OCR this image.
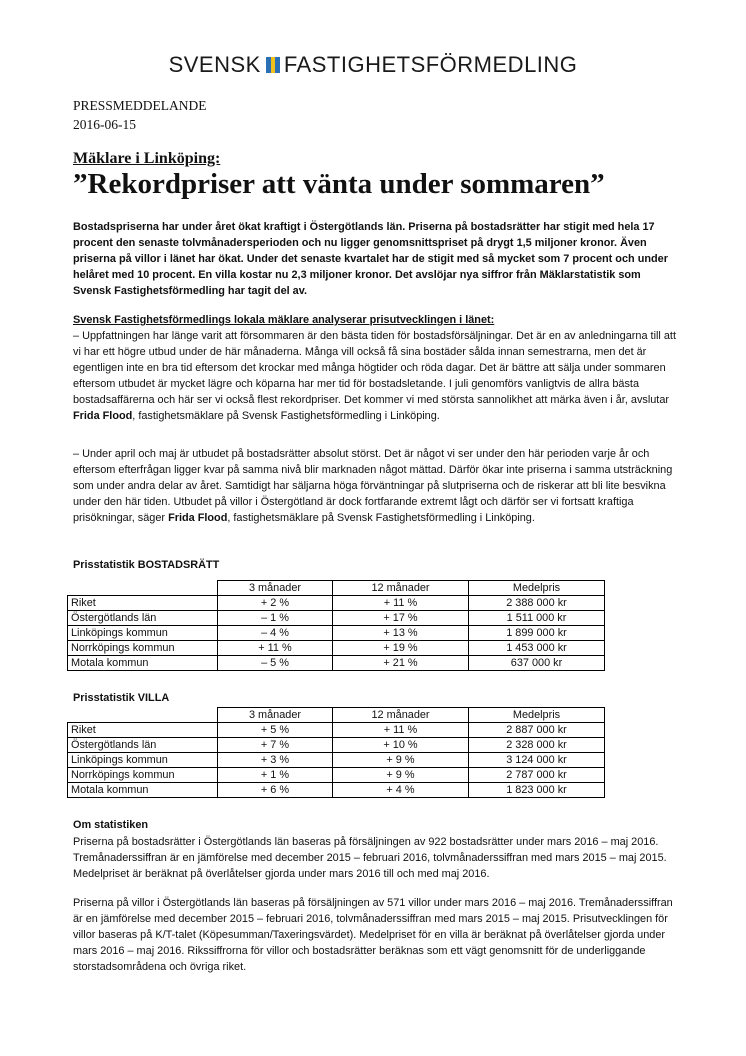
SVENSK FASTIGHETSFÖRMEDLING
PRESSMEDDELANDE
2016-06-15
Mäklare i Linköping:
”Rekordpriser att vänta under sommaren”
Bostadspriserna har under året ökat kraftigt i Östergötlands län. Priserna på bostadsrätter har stigit med hela 17 procent den senaste tolvmånadersperioden och nu ligger genomsnittspriset på drygt 1,5 miljoner kronor. Även priserna på villor i länet har ökat. Under det senaste kvartalet har de stigit med så mycket som 7 procent och under helåret med 10 procent. En villa kostar nu 2,3 miljoner kronor. Det avslöjar nya siffror från Mäklarstatistik som Svensk Fastighetsförmedling har tagit del av.
Svensk Fastighetsförmedlings lokala mäklare analyserar prisutvecklingen i länet:
– Uppfattningen har länge varit att försommaren är den bästa tiden för bostadsförsäljningar. Det är en av anledningarna till att vi har ett högre utbud under de här månaderna. Många vill också få sina bostäder sålda innan semestrarna, men det är egentligen inte en bra tid eftersom det krockar med många högtider och röda dagar. Det är bättre att sälja under sommaren eftersom utbudet är mycket lägre och köparna har mer tid för bostadsletande. I juli genomförs vanligtvis de allra bästa bostadsaffärerna och här ser vi också flest rekordpriser. Det kommer vi med största sannolikhet att märka även i år, avslutar Frida Flood, fastighetsmäklare på Svensk Fastighetsförmedling i Linköping.
– Under april och maj är utbudet på bostadsrätter absolut störst. Det är något vi ser under den här perioden varje år och eftersom efterfrågan ligger kvar på samma nivå blir marknaden något mättad. Därför ökar inte priserna i samma utsträckning som under andra delar av året. Samtidigt har säljarna höga förväntningar på slutpriserna och de riskerar att bli lite besvikna under den här tiden. Utbudet på villor i Östergötland är dock fortfarande extremt lågt och därför ser vi fortsatt kraftiga prisökningar, säger Frida Flood, fastighetsmäklare på Svensk Fastighetsförmedling i Linköping.
Prisstatistik BOSTADSRÄTT
	3 månader	12 månader	Medelpris
Riket	+ 2 %	+ 11 %	2 388 000 kr
Östergötlands län	– 1 %	+ 17 %	1 511 000 kr
Linköpings kommun	– 4 %	+ 13 %	1 899 000 kr
Norrköpings kommun	+ 11 %	+ 19 %	1 453 000 kr
Motala kommun	– 5 %	+ 21 %	637 000 kr
Prisstatistik VILLA
	3 månader	12 månader	Medelpris
Riket	+ 5 %	+ 11 %	2 887 000 kr
Östergötlands län	+ 7 %	+ 10 %	2 328 000 kr
Linköpings kommun	+ 3 %	+ 9 %	3 124 000 kr
Norrköpings kommun	+ 1 %	+ 9 %	2 787 000 kr
Motala kommun	+ 6 %	+ 4 %	1 823 000 kr
Om statistiken
Priserna på bostadsrätter i Östergötlands län baseras på försäljningen av 922 bostadsrätter under mars 2016 – maj 2016. Tremånaderssiffran är en jämförelse med december 2015 – februari 2016, tolvmånaderssiffran med mars 2015 – maj 2015. Medelpriset är beräknat på överlåtelser gjorda under mars 2016 till och med maj 2016.
Priserna på villor i Östergötlands län baseras på försäljningen av 571 villor under mars 2016 – maj 2016. Tremånaderssiffran är en jämförelse med december 2015 – februari 2016, tolvmånaderssiffran med mars 2015 – maj 2015. Prisutvecklingen för villor baseras på K/T-talet (Köpesumman/Taxeringsvärdet). Medelpriset för en villa är beräknat på överlåtelser gjorda under mars 2016 – maj 2016. Rikssiffrorna för villor och bostadsrätter beräknas som ett vägt genomsnitt för de underliggande storstadsområdena och övriga riket.
